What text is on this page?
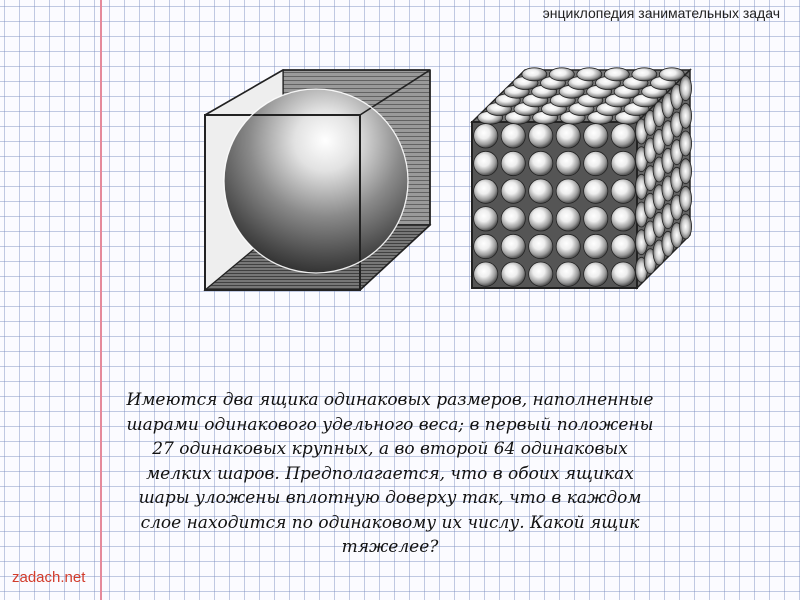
энциклопедия занимательных задач

Имеются два ящика одинаковых размеров, наполненные шарами одинакового удельного веса; в первый положены 27 одинаковых крупных, а во второй 64 одинаковых мелких шаров. Предполагается, что в обоих ящиках шары уложены вплотную доверху так, что в каждом слое находится по одинаковому их числу. Какой ящик тяжелее?

zadach.net
